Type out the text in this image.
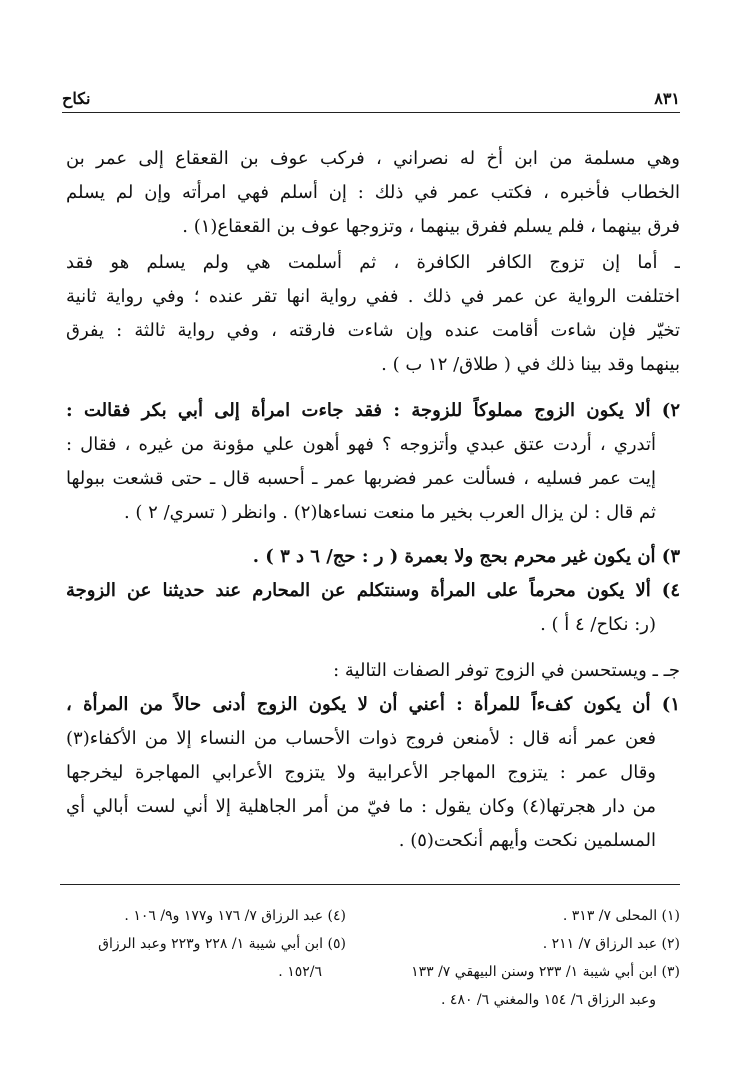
٨٣١
نكاح
وهي مسلمة من ابن أخ له نصراني ، فركب عوف بن القعقاع إلى عمر بن
الخطاب فأخبره ، فكتب عمر في ذلك : إن أسلم فهي امرأته وإن لم يسلم
فرق بينهما ، فلم يسلم ففرق بينهما ، وتزوجها عوف بن القعقاع(١) .
ـ أما إن تزوج الكافر الكافرة ، ثم أسلمت هي ولم يسلم هو فقد
اختلفت الرواية عن عمر في ذلك . ففي رواية انها تقر عنده ؛ وفي رواية ثانية
تخيّر فإن شاءت أقامت عنده وإن شاءت فارقته ، وفي رواية ثالثة : يفرق
بينهما وقد بينا ذلك في ( طلاق/ ١٢ ب ) .
٢) ألا يكون الزوج مملوكاً للزوجة : فقد جاءت امرأة إلى أبي بكر فقالت :
أتدري ، أردت عتق عبدي وأتزوجه ؟ فهو أهون علي مؤونة من غيره ، فقال :
إيت عمر فسليه ، فسألت عمر فضربها عمر ـ أحسبه قال ـ حتى قشعت ببولها
ثم قال : لن يزال العرب بخير ما منعت نساءها(٢) . وانظر ( تسري/ ٢ ) .
٣) أن يكون غير محرم بحج ولا بعمرة ( ر : حج/ ٦ د ٣ ) .
٤) ألا يكون محرماً على المرأة وسنتكلم عن المحارم عند حديثنا عن الزوجة
(ر: نكاح/ ٤ أ ) .
جـ ـ ويستحسن في الزوج توفر الصفات التالية :
١) أن يكون كفءاً للمرأة : أعني أن لا يكون الزوج أدنى حالاً من المرأة ،
فعن عمر أنه قال : لأمنعن فروج ذوات الأحساب من النساء إلا من الأكفاء(٣)
وقال عمر : يتزوج المهاجر الأعرابية ولا يتزوج الأعرابي المهاجرة ليخرجها
من دار هجرتها(٤) وكان يقول : ما فيّ من أمر الجاهلية إلا أني لست أبالي أي
المسلمين نكحت وأيهم أنكحت(٥) .
(١) المحلى ٧/ ٣١٣ .
(٢) عبد الرزاق ٧/ ٢١١ .
(٣) ابن أبي شيبة ١/ ٢٣٣ وسنن البيهقي ٧/ ١٣٣
وعبد الرزاق ٦/ ١٥٤ والمغني ٦/ ٤٨٠ .
(٤) عبد الرزاق ٧/ ١٧٦ و١٧٧ و٩/ ١٠٦ .
(٥) ابن أبي شيبة ١/ ٢٢٨ و٢٢٣ وعبد الرزاق
١٥٢/٦ .
